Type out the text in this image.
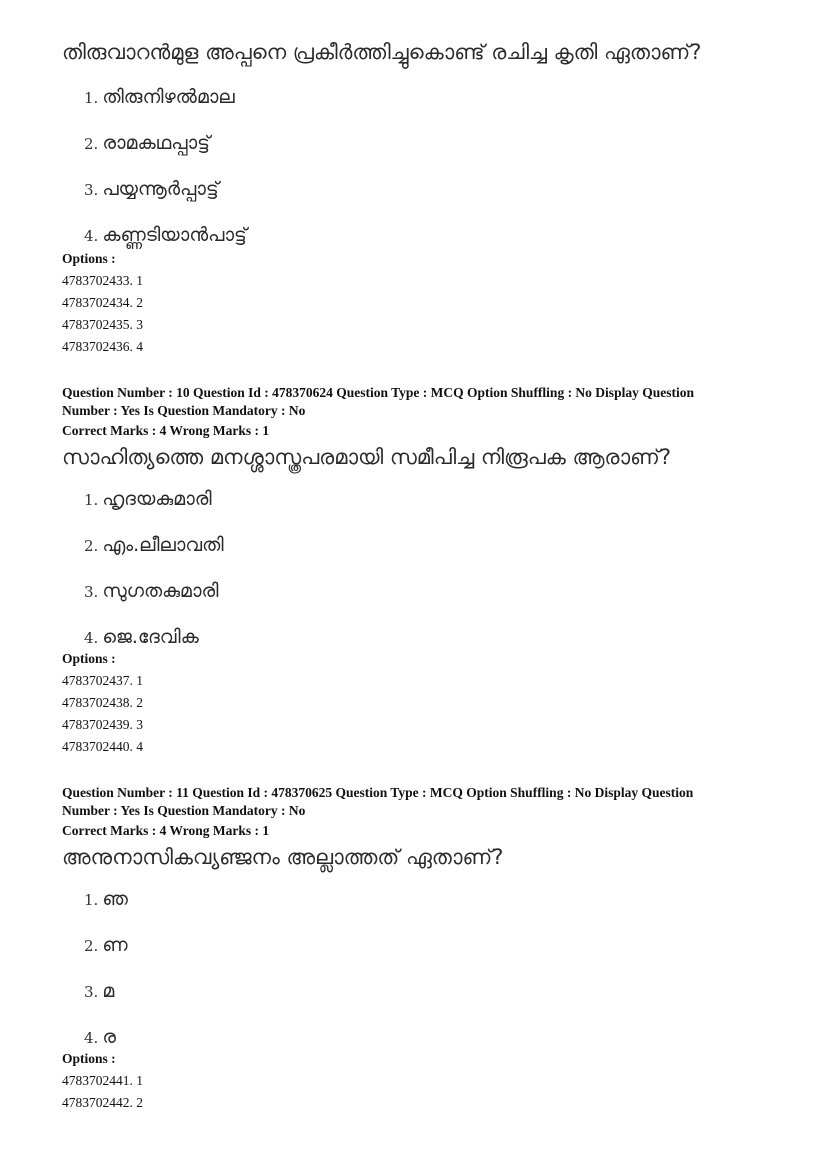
തിരുവാറൻമുള അപ്പനെ പ്രകീർത്തിച്ചുകൊണ്ട് രചിച്ച കൃതി ഏതാണ്?
1. തിരുനിഴൽമാല
2. രാമകഥപ്പാട്ട്
3. പയ്യന്നൂർപ്പാട്ട്
4. കണ്ണടിയാൻപാട്ട്
Options :
4783702433. 1
4783702434. 2
4783702435. 3
4783702436. 4
Question Number : 10 Question Id : 478370624 Question Type : MCQ Option Shuffling : No Display Question
Number : Yes Is Question Mandatory : No
Correct Marks : 4 Wrong Marks : 1
സാഹിത്യത്തെ മനശ്ശാസ്ത്രപരമായി സമീപിച്ച നിരൂപക ആരാണ്?
1. ഹൃദയകുമാരി
2. എം.ലീലാവതി
3. സുഗതകുമാരി
4. ജെ.ദേവിക
Options :
4783702437. 1
4783702438. 2
4783702439. 3
4783702440. 4
Question Number : 11 Question Id : 478370625 Question Type : MCQ Option Shuffling : No Display Question
Number : Yes Is Question Mandatory : No
Correct Marks : 4 Wrong Marks : 1
അനുനാസികവ്യഞ്ജനം അല്ലാത്തത് ഏതാണ്?
1. ഞ
2. ണ
3. മ
4. ര
Options :
4783702441. 1
4783702442. 2
